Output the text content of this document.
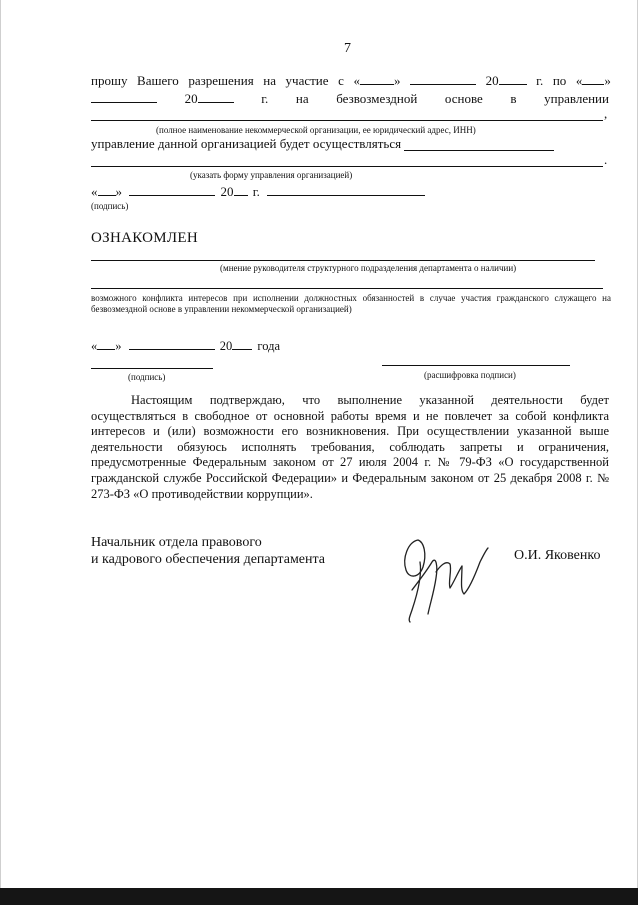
7
прошу Вашего разрешения на участие с «	»	20	г. по « »
20	г. на безвозмездной основе в управлении
,
(полное наименование некоммерческой организации, ее юридический адрес, ИНН)
управление данной организацией будет осуществляться
.
(указать форму управления организацией)
« »	20 г.
(подпись)
ОЗНАКОМЛЕН
(мнение руководителя структурного подразделения департамента о наличии)
возможного конфликта интересов при исполнении должностных обязанностей в случае участия гражданского служащего на безвозмездной основе в управлении некоммерческой организацией)
« »	20 года
(подпись)	(расшифровка подписи)
Настоящим подтверждаю, что выполнение указанной деятельности будет осуществляться в свободное от основной работы время и не повлечет за собой конфликта интересов и (или) возможности его возникновения. При осуществлении указанной выше деятельности обязуюсь исполнять требования, соблюдать запреты и ограничения, предусмотренные Федеральным законом от 27 июля 2004 г. № 79-ФЗ «О государственной гражданской службе Российской Федерации» и Федеральным законом от 25 декабря 2008 г. № 273-ФЗ «О противодействии коррупции».
Начальник отдела правового
и кадрового обеспечения департамента	О.И. Яковенко
